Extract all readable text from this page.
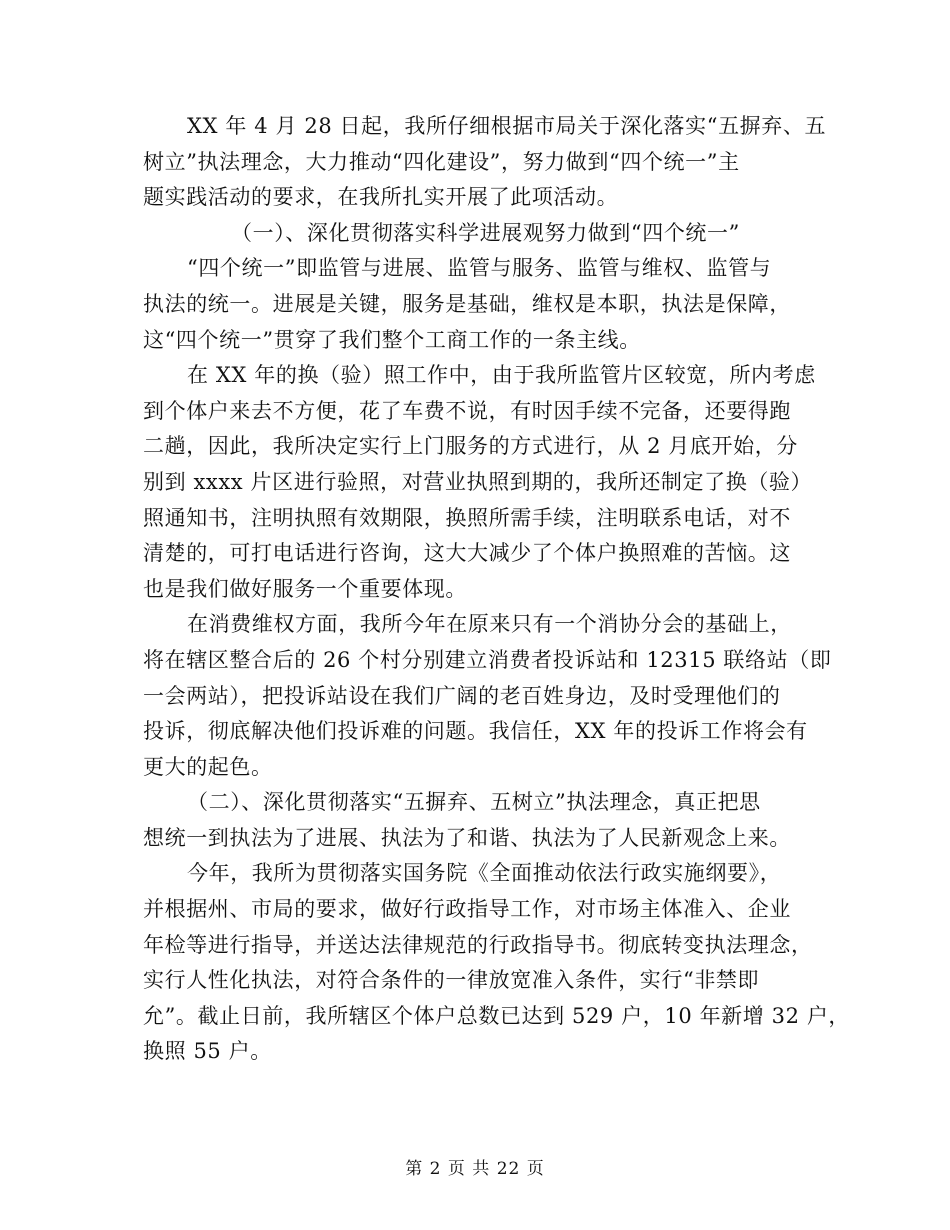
XX 年 4 月 28 日起，我所仔细根据市局关于深化落实“五摒弃、五
树立”执法理念，大力推动“四化建设”，努力做到“四个统一”主
题实践活动的要求，在我所扎实开展了此项活动。
（一）、深化贯彻落实科学进展观努力做到“四个统一”
“四个统一”即监管与进展、监管与服务、监管与维权、监管与
执法的统一。进展是关键，服务是基础，维权是本职，执法是保障，
这“四个统一”贯穿了我们整个工商工作的一条主线。
在 XX 年的换（验）照工作中，由于我所监管片区较宽，所内考虑
到个体户来去不方便，花了车费不说，有时因手续不完备，还要得跑
二趟，因此，我所决定实行上门服务的方式进行，从 2 月底开始，分
别到 xxxx 片区进行验照，对营业执照到期的，我所还制定了换（验）
照通知书，注明执照有效期限，换照所需手续，注明联系电话，对不
清楚的，可打电话进行咨询，这大大减少了个体户换照难的苦恼。这
也是我们做好服务一个重要体现。
在消费维权方面，我所今年在原来只有一个消协分会的基础上，
将在辖区整合后的 26 个村分别建立消费者投诉站和 12315 联络站（即
一会两站），把投诉站设在我们广阔的老百姓身边，及时受理他们的
投诉，彻底解决他们投诉难的问题。我信任，XX 年的投诉工作将会有
更大的起色。
（二）、深化贯彻落实“五摒弃、五树立”执法理念，真正把思
想统一到执法为了进展、执法为了和谐、执法为了人民新观念上来。
今年，我所为贯彻落实国务院《全面推动依法行政实施纲要》，
并根据州、市局的要求，做好行政指导工作，对市场主体准入、企业
年检等进行指导，并送达法律规范的行政指导书。彻底转变执法理念，
实行人性化执法，对符合条件的一律放宽准入条件，实行“非禁即
允”。截止日前，我所辖区个体户总数已达到 529 户，10 年新增 32 户，
换照 55 户。
第 2 页 共 22 页
